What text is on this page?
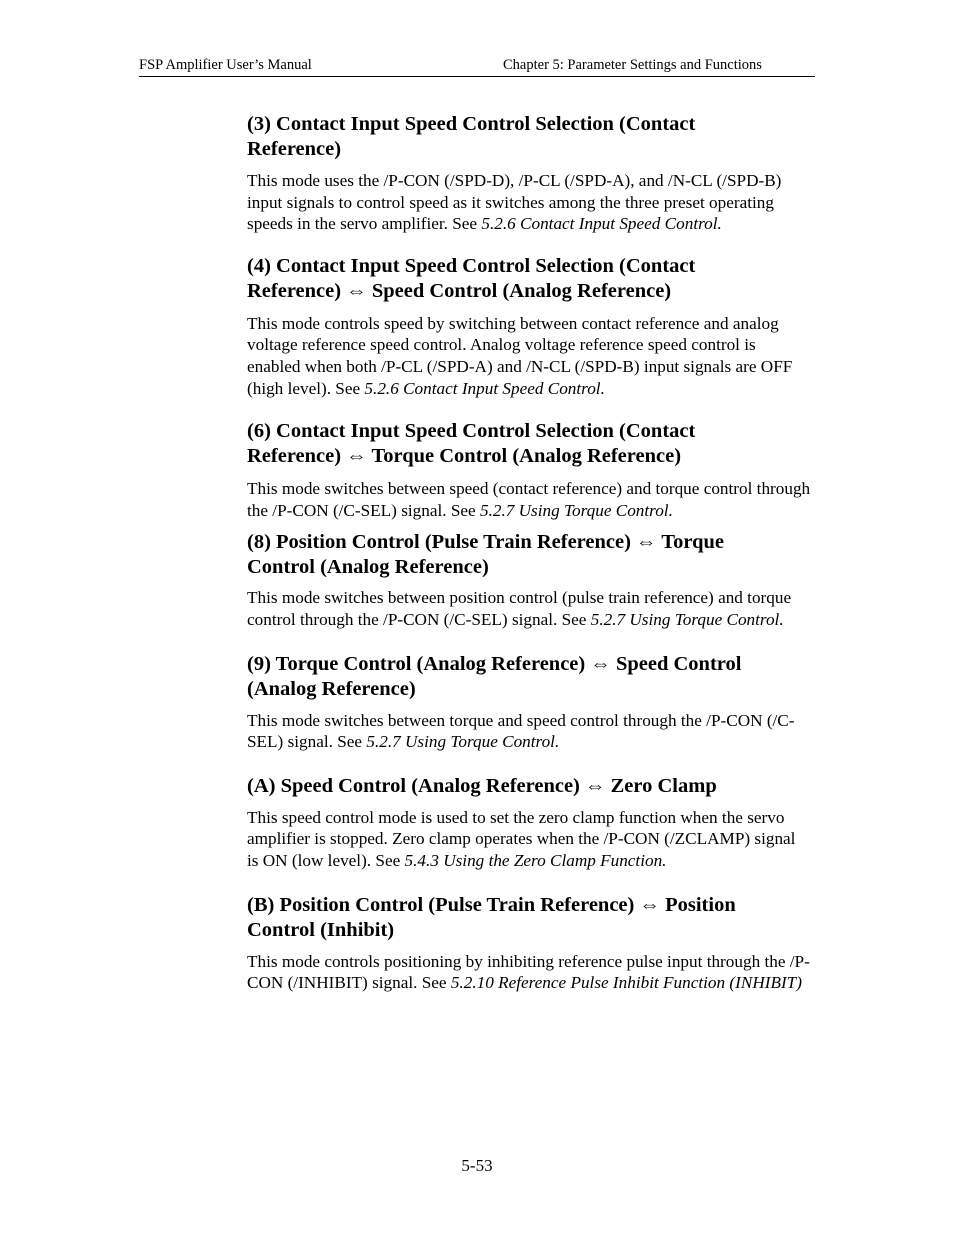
FSP Amplifier User’s Manual	Chapter 5: Parameter Settings and Functions
(3) Contact Input Speed Control Selection (Contact Reference)

This mode uses the /P-CON (/SPD-D), /P-CL (/SPD-A), and /N-CL (/SPD-B) input signals to control speed as it switches among the three preset operating speeds in the servo amplifier. See 5.2.6 Contact Input Speed Control.

(4) Contact Input Speed Control Selection (Contact Reference) ⇔ Speed Control (Analog Reference)

This mode controls speed by switching between contact reference and analog voltage reference speed control. Analog voltage reference speed control is enabled when both /P-CL (/SPD-A) and /N-CL (/SPD-B) input signals are OFF (high level). See 5.2.6 Contact Input Speed Control.

(6) Contact Input Speed Control Selection (Contact Reference) ⇔ Torque Control (Analog Reference)

This mode switches between speed (contact reference) and torque control through the /P-CON (/C-SEL) signal. See 5.2.7 Using Torque Control.

(8) Position Control (Pulse Train Reference) ⇔ Torque Control (Analog Reference)

This mode switches between position control (pulse train reference) and torque control through the /P-CON (/C-SEL) signal. See 5.2.7 Using Torque Control.

(9) Torque Control (Analog Reference) ⇔ Speed Control (Analog Reference)

This mode switches between torque and speed control through the /P-CON (/C-SEL) signal. See 5.2.7 Using Torque Control.

(A) Speed Control (Analog Reference) ⇔ Zero Clamp

This speed control mode is used to set the zero clamp function when the servo amplifier is stopped. Zero clamp operates when the /P-CON (/ZCLAMP) signal is ON (low level). See 5.4.3 Using the Zero Clamp Function.

(B) Position Control (Pulse Train Reference) ⇔ Position Control (Inhibit)

This mode controls positioning by inhibiting reference pulse input through the /P-CON (/INHIBIT) signal. See 5.2.10 Reference Pulse Inhibit Function (INHIBIT)

5-53
